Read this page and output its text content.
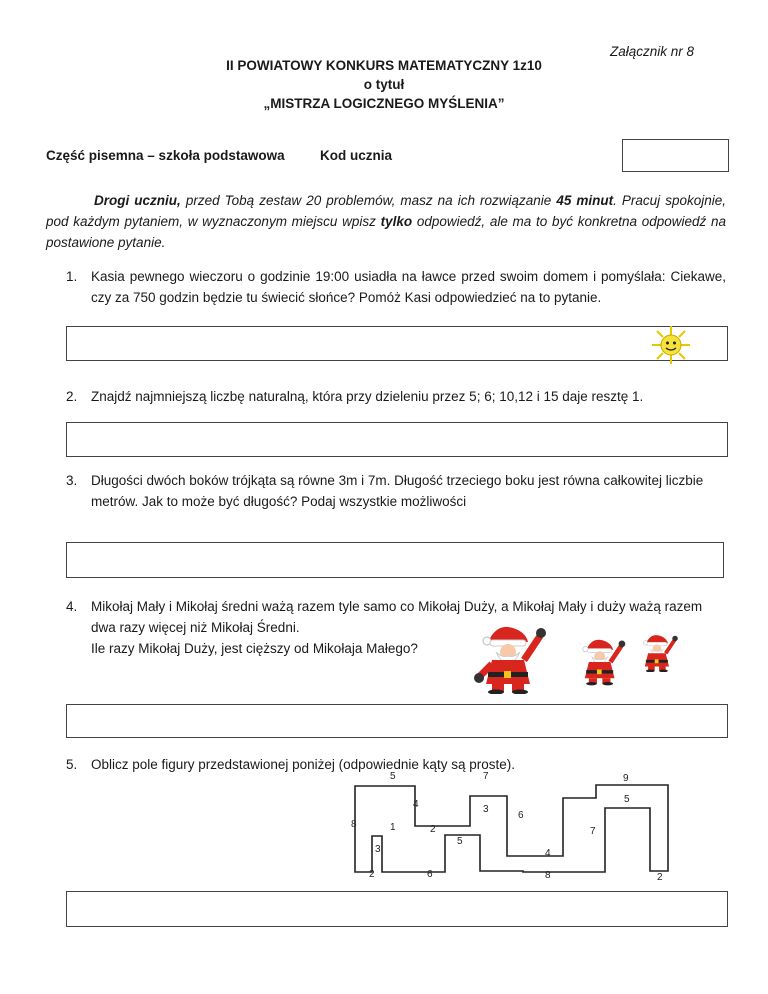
Załącznik nr 8
II POWIATOWY KONKURS MATEMATYCZNY 1z10
o tytuł
„MISTRZA LOGICZNEGO MYŚLENIA”
Część pisemna – szkoła podstawowa	Kod ucznia
Drogi uczniu, przed Tobą zestaw 20 problemów, masz na ich rozwiązanie 45 minut. Pracuj spokojnie, pod każdym pytaniem, w wyznaczonym miejscu wpisz tylko odpowiedź, ale ma to być konkretna odpowiedź na postawione pytanie.
1. Kasia pewnego wieczoru o godzinie 19:00 usiadła na ławce przed swoim domem i pomyślała: Ciekawe, czy za 750 godzin będzie tu świecić słońce? Pomóż Kasi odpowiedzieć na to pytanie.
2. Znajdź najmniejszą liczbę naturalną, która przy dzieleniu przez 5; 6; 10,12 i 15 daje resztę 1.
3. Długości dwóch boków trójkąta są równe 3m i 7m. Długość trzeciego boku jest równa całkowitej liczbie metrów. Jak to może być długość? Podaj wszystkie możliwości
4. Mikołaj Mały i Mikołaj średni ważą razem tyle samo co Mikołaj Duży, a Mikołaj Mały i duży ważą razem dwa razy więcej niż Mikołaj Średni.
Ile razy Mikołaj Duży, jest cięższy od Mikołaja Małego?
5. Oblicz pole figury przedstawionej poniżej (odpowiednie kąty są proste).
5	7	9
4	3
6
5
8	1	2
5
7
3	4
2	6	8	2
